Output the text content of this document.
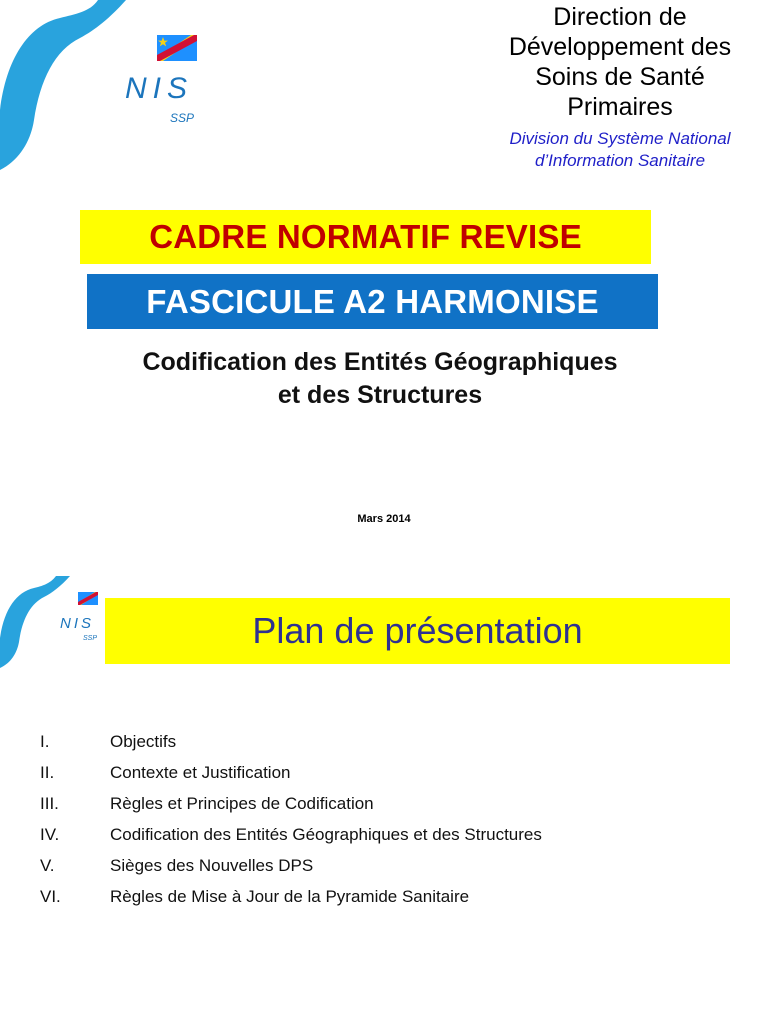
NIS
SSP
Direction de
Développement des
Soins de Santé
Primaires
Division du Système National
d’Information Sanitaire
CADRE NORMATIF REVISE
FASCICULE A2 HARMONISE
Codification des Entités Géographiques
et des Structures
Mars 2014
NIS
SSP	Plan de présentation
I.	Objectifs
II.	Contexte et Justification
III.	Règles et Principes de Codification
IV.	Codification des Entités Géographiques et des Structures
V.	Sièges des Nouvelles DPS
VI.	Règles de Mise à Jour de la Pyramide Sanitaire
